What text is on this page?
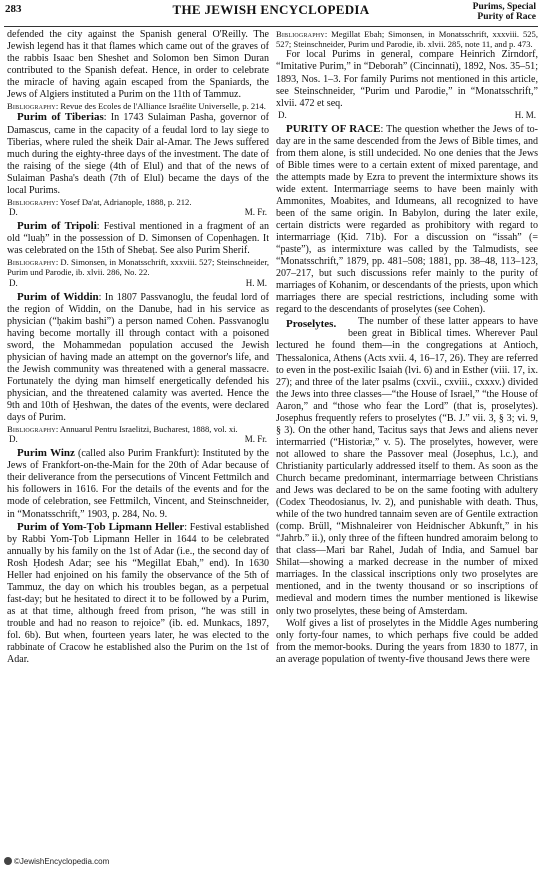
283	THE JEWISH ENCYCLOPEDIA	Purims, Special
Purity of Race

defended the city against the Spanish general O'Reilly. The Jewish legend has it that flames which came out of the graves of the rabbis Isaac ben Sheshet and Solomon ben Simon Duran contributed to the Spanish defeat. Hence, in order to celebrate the miracle of having again escaped from the Spaniards, the Jews of Algiers instituted a Purim on the 11th of Tammuz.

Bibliography: Revue des Ecoles de l'Alliance Israélite Universelle, p. 214.

Purim of Tiberias: In 1743 Sulaiman Pasha, governor of Damascus, came in the capacity of a feudal lord to lay siege to Tiberias, where ruled the sheik Dair al-Amar. The Jews suffered much during the eighty-three days of the investment. The date of the raising of the siege (4th of Elul) and that of the news of Sulaiman Pasha's death (7th of Elul) became the days of the local Purims.

Bibliography: Yosef Da'at, Adrianople, 1888, p. 212.

D.	M. Fr.

Purim of Tripoli: Festival mentioned in a fragment of an old “luaḥ” in the possession of D. Simonsen of Copenhagen. It was celebrated on the 15th of Shebaṭ. See also Purim Sherif.

Bibliography: D. Simonsen, in Monatsschrift, xxxviii. 527; Steinschneider, Purim und Parodie, ib. xlvii. 286, No. 22.

D.	H. M.

Purim of Widdin: In 1807 Passvanoglu, the feudal lord of the region of Widdin, on the Danube, had in his service as physician (“ḥakim bashi”) a person named Cohen. Passvanoglu having become mortally ill through contact with a poisoned sword, the Mohammedan population accused the Jewish physician of having made an attempt on the governor's life, and the Jewish community was threatened with a general massacre. Fortunately the dying man himself energetically defended his physician, and the threatened calamity was averted. Hence the 9th and 10th of Ḥeshwan, the dates of the events, were declared days of Purim.

Bibliography: Annuarul Pentru Israelitzi, Bucharest, 1888, vol. xi.

D.	M. Fr.

Purim Winz (called also Purim Frankfurt): Instituted by the Jews of Frankfort-on-the-Main for the 20th of Adar because of their deliverance from the persecutions of Vincent Fettmilch and his followers in 1616. For the details of the events and for the mode of celebration, see Fettmilch, Vincent, and Steinschneider, in “Monatsschrift,” 1903, p. 284, No. 9.

Purim of Yom-Ṭob Lipmann Heller: Festival established by Rabbi Yom-Ṭob Lipmann Heller in 1644 to be celebrated annually by his family on the 1st of Adar (i.e., the second day of Rosh Ḥodesh Adar; see his “Megillat Ebah,” end). In 1630 Heller had enjoined on his family the observance of the 5th of Tammuz, the day on which his troubles began, as a perpetual fast-day; but he hesitated to direct it to be followed by a Purim, as at that time, although freed from prison, “he was still in trouble and had no reason to rejoice” (ib. ed. Munkacs, 1897, fol. 6b). But when, fourteen years later, he was elected to the rabbinate of Cracow he established also the Purim on the 1st of Adar.

Bibliography: Megillat Ebah; Simonsen, in Monatsschrift, xxxviii. 525, 527; Steinschneider, Purim und Parodie, ib. xlvii. 285, note 11, and p. 473.

For local Purims in general, compare Heinrich Zirndorf, “Imitative Purim,” in “Deborah” (Cincinnati), 1892, Nos. 35–51; 1893, Nos. 1–3. For family Purims not mentioned in this article, see Steinschneider, “Purim und Parodie,” in “Monatsschrift,” xlvii. 472 et seq.

D.	H. M.

PURITY OF RACE: The question whether the Jews of to-day are in the same descended from the Jews of Bible times, and from them alone, is still undecided. No one denies that the Jews of Bible times were to a certain extent of mixed parentage, and the attempts made by Ezra to prevent the intermixture shows its wide extent. Intermarriage seems to have been mainly with Ammonites, Moabites, and Idumeans, all recognized to have been of the same origin. In Babylon, during the later exile, certain districts were regarded as prohibitory with regard to intermarriage (Ḳid. 71b). For a discussion on “issah” (= “paste”), as intermixture was called by the Talmudists, see “Monatsschrift,” 1879, pp. 481–508; 1881, pp. 38–48, 113–123, 207–217, but such discussions refer mainly to the purity of marriages of Kohanim, or descendants of the priests, upon which marriages there are special restrictions, including some with regard to the descendants of proselytes (see Cohen).

Proselytes.	The number of these latter appears to have been great in Biblical times. Wherever Paul lectured he found them—in the congregations at Antioch, Thessalonica, Athens (Acts xvii. 4, 16–17, 26). They are referred to even in the post-exilic Isaiah (lvi. 6) and in Esther (viii. 17, ix. 27); and three of the later psalms (cxvii., cxviii., cxxxv.) divided the Jews into three classes—“the House of Israel,” “the House of Aaron,” and “those who fear the Lord” (that is, proselytes). Josephus frequently refers to proselytes (“B. J.” vii. 3, § 3; vi. 9, § 3). On the other hand, Tacitus says that Jews and aliens never intermarried (“Historiæ,” v. 5). The proselytes, however, were not allowed to share the Passover meal (Josephus, l.c.), and Christianity particularly addressed itself to them. As soon as the Church became predominant, intermarriage between Christians and Jews was declared to be on the same footing with adultery (Codex Theodosianus, lv. 2), and punishable with death. Thus, while of the two hundred tannaim seven are of Gentile extraction (comp. Brüll, “Mishnaleirer von Heidnischer Abkunft,” in his “Jahrb.” ii.), only three of the fifteen hundred amoraim belong to that class—Mari bar Rahel, Judah of India, and Samuel bar Shilat—showing a marked decrease in the number of mixed marriages. In the classical inscriptions only two proselytes are mentioned, and in the twenty thousand or so inscriptions of medieval and modern times the number mentioned is likewise only two proselytes, these being of Amsterdam.

Wolf gives a list of proselytes in the Middle Ages numbering only forty-four names, to which perhaps five could be added from the memor-books. During the years from 1830 to 1877, in an average population of twenty-five thousand Jews there were

©JewishEncyclopedia.com
